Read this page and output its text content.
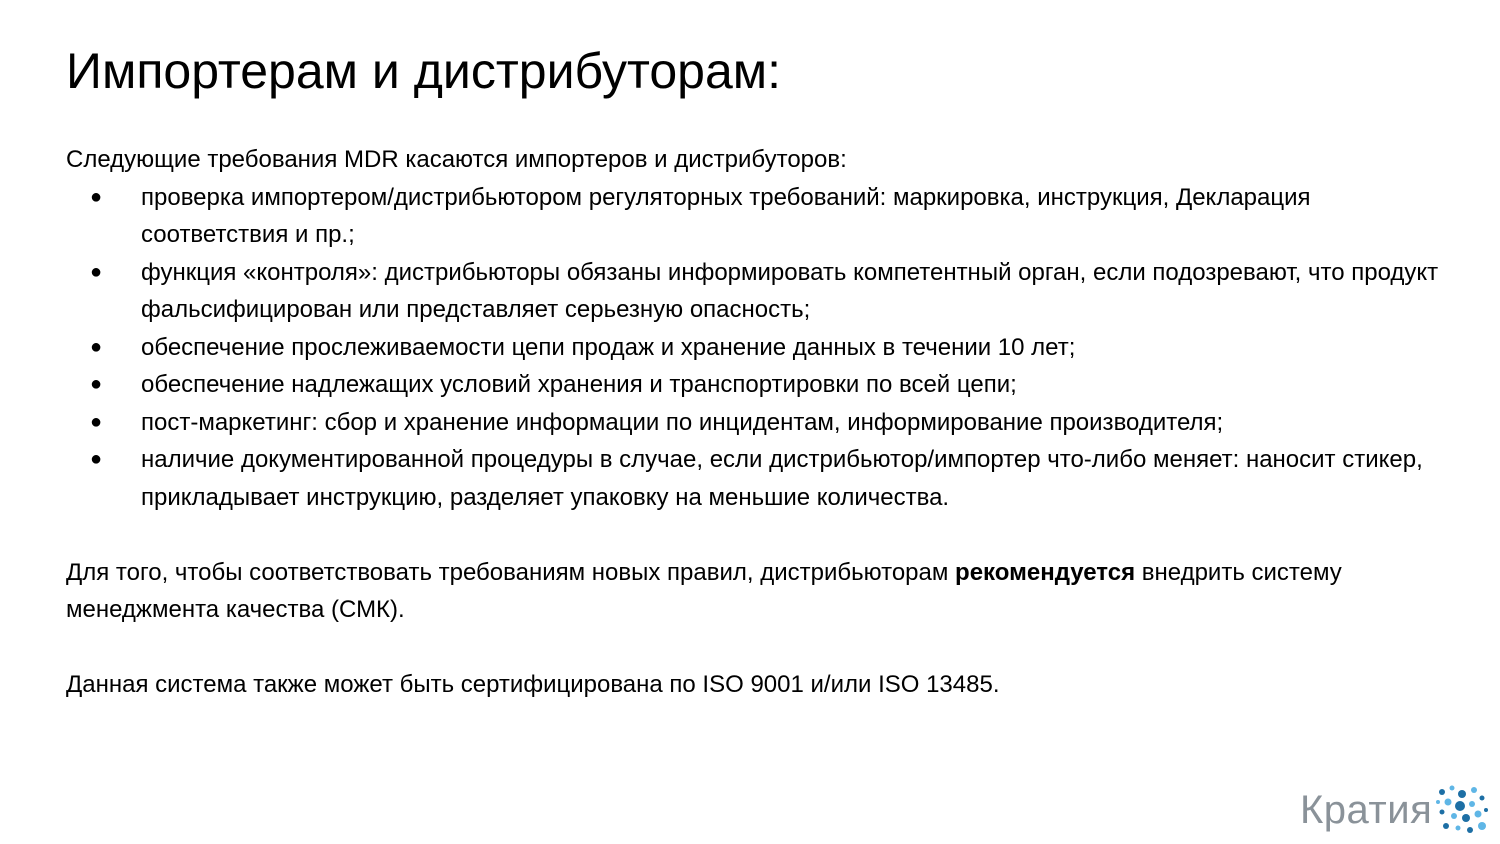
Импортерам и дистрибуторам:

Следующие требования MDR касаются импортеров и дистрибуторов:

● проверка импортером/дистрибьютором регуляторных требований: маркировка, инструкция, Декларация соответствия и пр.;
● функция «контроля»: дистрибьюторы обязаны информировать компетентный орган, если подозревают, что продукт фальсифицирован или представляет серьезную опасность;
● обеспечение прослеживаемости цепи продаж и хранение данных в течении 10 лет;
● обеспечение надлежащих условий хранения и транспортировки по всей цепи;
● пост-маркетинг: сбор и хранение информации по инцидентам, информирование производителя;
● наличие документированной процедуры в случае, если дистрибьютор/импортер что-либо меняет: наносит стикер, прикладывает инструкцию, разделяет упаковку на меньшие количества.

Для того, чтобы соответствовать требованиям новых правил, дистрибьюторам рекомендуется внедрить систему менеджмента качества (СМК).

Данная система также может быть сертифицирована по ISO 9001 и/или ISO 13485.

Кратия
